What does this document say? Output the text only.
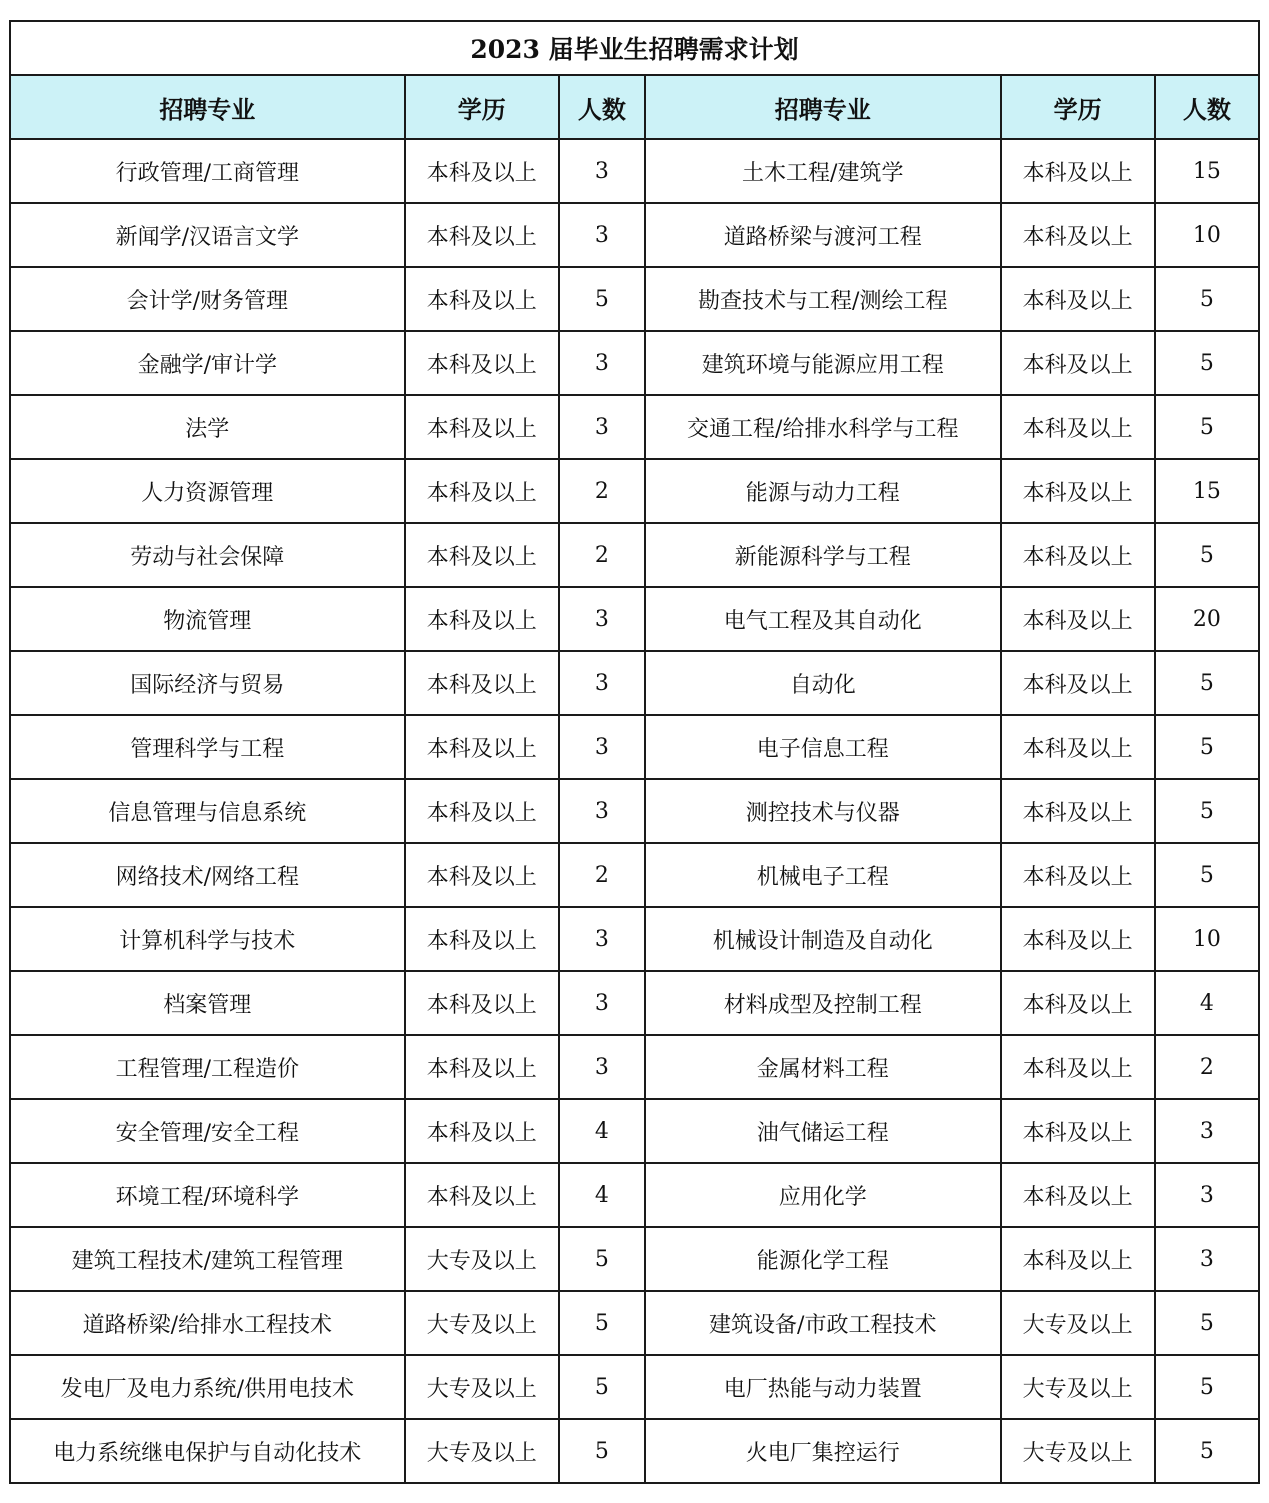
2023 届毕业生招聘需求计划					
招聘专业	学历	人数	招聘专业	学历	人数
行政管理/工商管理	本科及以上	3	土木工程/建筑学	本科及以上	15
新闻学/汉语言文学	本科及以上	3	道路桥梁与渡河工程	本科及以上	10
会计学/财务管理	本科及以上	5	勘查技术与工程/测绘工程	本科及以上	5
金融学/审计学	本科及以上	3	建筑环境与能源应用工程	本科及以上	5
法学	本科及以上	3	交通工程/给排水科学与工程	本科及以上	5
人力资源管理	本科及以上	2	能源与动力工程	本科及以上	15
劳动与社会保障	本科及以上	2	新能源科学与工程	本科及以上	5
物流管理	本科及以上	3	电气工程及其自动化	本科及以上	20
国际经济与贸易	本科及以上	3	自动化	本科及以上	5
管理科学与工程	本科及以上	3	电子信息工程	本科及以上	5
信息管理与信息系统	本科及以上	3	测控技术与仪器	本科及以上	5
网络技术/网络工程	本科及以上	2	机械电子工程	本科及以上	5
计算机科学与技术	本科及以上	3	机械设计制造及自动化	本科及以上	10
档案管理	本科及以上	3	材料成型及控制工程	本科及以上	4
工程管理/工程造价	本科及以上	3	金属材料工程	本科及以上	2
安全管理/安全工程	本科及以上	4	油气储运工程	本科及以上	3
环境工程/环境科学	本科及以上	4	应用化学	本科及以上	3
建筑工程技术/建筑工程管理	大专及以上	5	能源化学工程	本科及以上	3
道路桥梁/给排水工程技术	大专及以上	5	建筑设备/市政工程技术	大专及以上	5
发电厂及电力系统/供用电技术	大专及以上	5	电厂热能与动力装置	大专及以上	5
电力系统继电保护与自动化技术	大专及以上	5	火电厂集控运行	大专及以上	5
